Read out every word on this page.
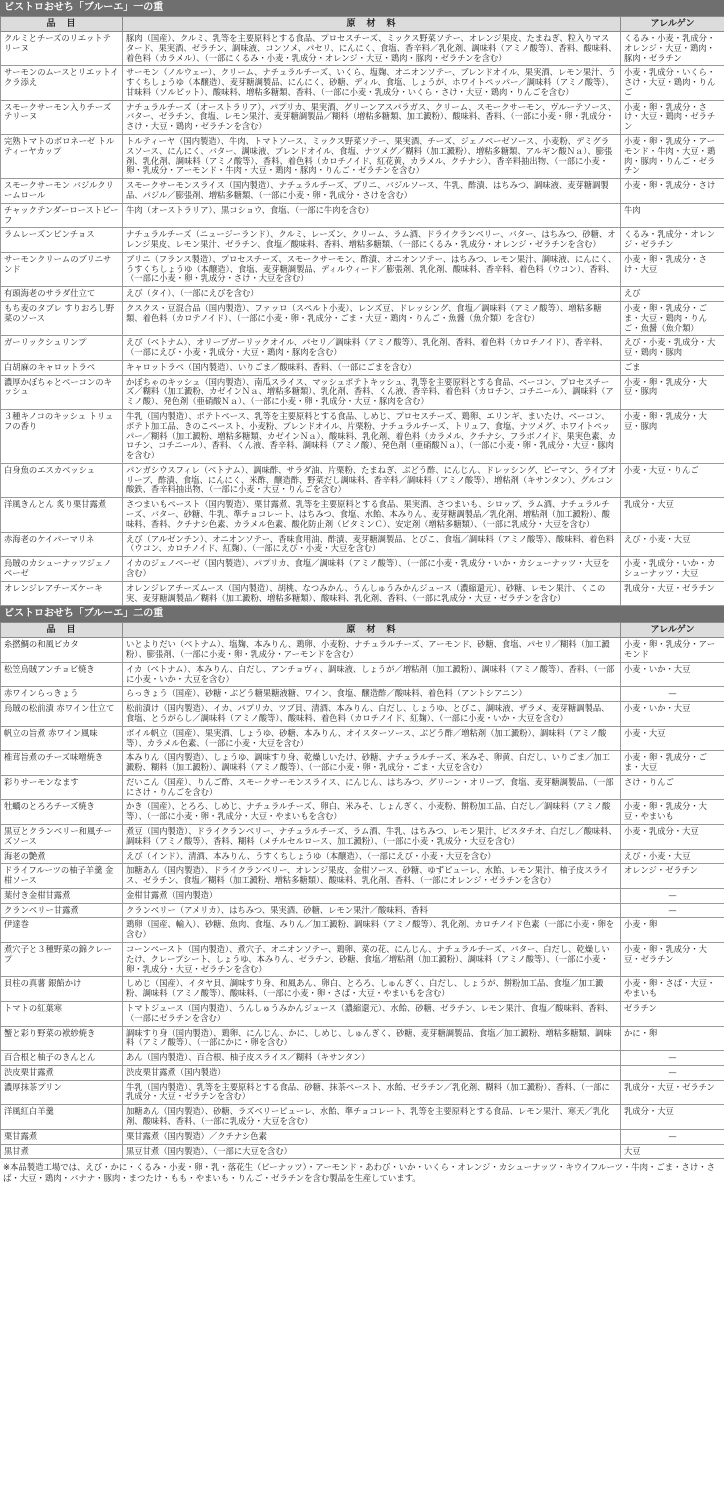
ビストロおせち「ブルーエ」一の重
品　目	原　材　料	アレルゲン
クルミとチーズのリエットテリーヌ	豚肉（国産）、クルミ、乳等を主要原料とする食品、プロセスチーズ、ミックス野菜ソテー、オレンジ果皮、たまねぎ、粒入りマスタード、果実酒、ゼラチン、調味液、コンソメ、パセリ、にんにく、食塩、香辛料／乳化剤、調味料（アミノ酸等）、香料、酸味料、着色料（カラメル）、（一部にくるみ・小麦・乳成分・オレンジ・大豆・鶏肉・豚肉・ゼラチンを含む）	くるみ・小麦・乳成分・オレンジ・大豆・鶏肉・豚肉・ゼラチン
サーモンのムースとリエットイクラ添え	サーモン（ノルウェー）、クリーム、ナチュラルチーズ、いくら、塩麹、オニオンソテー、ブレンドオイル、果実酒、レモン果汁、うすくちしょうゆ（本醸造）、麦芽糖調製品、にんにく、砂糖、ディル、食塩、しょうが、ホワイトペッパー／調味料（アミノ酸等）、甘味料（ソルビット）、酸味料、増粘多糖類、香料、（一部に小麦・乳成分・いくら・さけ・大豆・鶏肉・りんごを含む）	小麦・乳成分・いくら・さけ・大豆・鶏肉・りんご
スモークサーモン入りチーズテリーヌ	ナチュラルチーズ（オーストラリア）、パプリカ、果実酒、グリーンアスパラガス、クリーム、スモークサーモン、ヴルーテソース、バター、ゼラチン、食塩、レモン果汁、麦芽糖調製品／糊料（増粘多糖類、加工澱粉）、酸味料、香料、（一部に小麦・卵・乳成分・さけ・大豆・鶏肉・ゼラチンを含む）	小麦・卵・乳成分・さけ・大豆・鶏肉・ゼラチン
完熟トマトのボロネーゼ トルティーヤカップ	トルティーヤ（国内製造）、牛肉、トマトソース、ミックス野菜ソテー、果実酒、チーズ、ジェノベーゼソース、小麦粉、デミグラスソース、にんにく、バター、調味液、ブレンドオイル、食塩、ナツメグ／糊料（加工澱粉）、増粘多糖類、アルギン酸Ｎａ）、膨張剤、乳化剤、調味料（アミノ酸等）、香料、着色料（カロチノイド、紅花黄、カラメル、クチナシ）、香辛料抽出物、（一部に小麦・卵・乳成分・アーモンド・牛肉・大豆・鶏肉・豚肉・りんご・ゼラチンを含む）	小麦・卵・乳成分・アーモンド・牛肉・大豆・鶏肉・豚肉・りんご・ゼラチン
スモークサーモン バジルクリームロール	スモークサーモンスライス（国内製造）、ナチュラルチーズ、ブリニ、バジルソース、牛乳、酢漬、はちみつ、調味液、麦芽糖調製品、パジル／膨張剤、増粘多糖類、（一部に小麦・卵・乳成分・さけを含む）	小麦・卵・乳成分・さけ
チャックテンダーローストビーフ	牛肉（オーストラリア）、黒コショウ、食塩、（一部に牛肉を含む）	牛肉
ラムレーズンピンチョス	ナチュラルチーズ（ニュージーランド）、クルミ、レーズン、クリーム、ラム酒、ドライクランベリー、バター、はちみつ、砂糖、オレンジ果皮、レモン果汁、ゼラチン、食塩／酸味料、香料、増粘多糖類、（一部にくるみ・乳成分・オレンジ・ゼラチンを含む）	くるみ・乳成分・オレンジ・ゼラチン
サーモンクリームのブリニサンド	ブリニ（フランス製造）、プロセスチーズ、スモークサーモン、酢漬、オニオンソテー、はちみつ、レモン果汁、調味液、にんにく、うすくちしょうゆ（本醸造）、食塩、麦芽糖調製品、ディルウィード／膨張剤、乳化剤、酸味料、香辛料、着色料（ウコン）、香料、（一部に小麦・卵・乳成分・さけ・大豆を含む）	小麦・卵・乳成分・さけ・大豆
有頭海老のサラダ仕立て	えび（タイ）、（一部にえびを含む）	えび
もち麦のタブレ すりおろし野菜のソース	クスクス・豆混合品（国内製造）、ファッロ（スペルト小麦）、レンズ豆、ドレッシング、食塩／調味料（アミノ酸等）、増粘多糖類、着色料（カロテノイド）、（一部に小麦・卵・乳成分・ごま・大豆・鶏肉・りんご・魚醤（魚介類）を含む）	小麦・卵・乳成分・ごま・大豆・鶏肉・りんご・魚醤（魚介類）
ガーリックシュリンプ	えび（ベトナム）、オリーブガーリックオイル、パセリ／調味料（アミノ酸等）、乳化剤、香料、着色料（カロチノイド）、香辛料、（一部にえび・小麦・乳成分・大豆・鶏肉・豚肉を含む）	えび・小麦・乳成分・大豆・鶏肉・豚肉
白胡麻のキャロットラペ	キャロットラペ（国内製造）、いりごま／酸味料、香料、（一部にごまを含む）	ごま
濃厚かぼちゃとベーコンのキッシュ	かぼちゃのキッシュ（国内製造）、南瓜スライス、マッシュポテトキッシュ、乳等を主要原料とする食品、ベーコン、プロセスチーズ／糊料（加工澱粉、カゼインＮａ、増粘多糖類）、乳化剤、香料、くん液、香辛料、着色料（カロチン、コチニール）、調味料（アミノ酸）、発色剤（亜硝酸Ｎａ）、（一部に小麦・卵・乳成分・大豆・豚肉を含む）	小麦・卵・乳成分・大豆・豚肉
３種キノコのキッシュ トリュフの香り	牛乳（国内製造）、ポテトベース、乳等を主要原料とする食品、しめじ、プロセスチーズ、鶏卵、エリンギ、まいたけ、ベーコン、ポテト加工品、きのこペースト、小麦粉、ブレンドオイル、片栗粉、ナチュラルチーズ、トリュフ、食塩、ナツメグ、ホワイトペッパー／糊料（加工澱粉、増粘多糖類、カゼインＮａ）、酸味料、乳化剤、着色料（カラメル、クチナシ、フラボノイド、果実色素、カロチン、コチニール）、香料、くん液、香辛料、調味料（アミノ酸）、発色剤（亜硝酸Ｎａ）、（一部に小麦・卵・乳成分・大豆・豚肉を含む）	小麦・卵・乳成分・大豆・豚肉
白身魚のエスカベッシュ	パンガシウスフィレ（ベトナム）、調味酢、サラダ油、片栗粉、たまねぎ、ぶどう酢、にんじん、ドレッシング、ピーマン、ライブオリーブ、酢漬、食塩、にんにく、米酢、醸造酢、野菜だし調味料、香辛料／調味料（アミノ酸等）、増粘剤（キサンタン）、グルコン酸鉄、香辛料抽出物、（一部に小麦・大豆・りんごを含む）	小麦・大豆・りんご
洋風きんとん 炙り栗甘露煮	さつまいもペースト（国内製造）、栗甘露煮、乳等を主要原料とする食品、果実酒、さつまいも、シロップ、ラム酒、ナチュラルチーズ、バター、砂糖、牛乳、準チョコレート、はちみつ、食塩、水飴、本みりん、麦芽糖調製品／乳化剤、増粘剤（加工澱粉）、酸味料、香料、クチナシ色素、カラメル色素、酸化防止剤（ビタミンＣ）、安定剤（増粘多糖類）、（一部に乳成分・大豆を含む）	乳成分・大豆
赤海老のケイパーマリネ	えび（アルゼンチン）、オニオンソテー、香味食用油、酢漬、麦芽糖調製品、とびこ、食塩／調味料（アミノ酸等）、酸味料、着色料（ウコン、カロチノイド、紅麹）、（一部にえび・小麦・大豆を含む）	えび・小麦・大豆
烏賊のカシューナッツジェノベーゼ	イカのジェノベーゼ（国内製造）、パプリカ、食塩／調味料（アミノ酸等）、（一部に小麦・乳成分・いか・カシューナッツ・大豆を含む）	小麦・乳成分・いか・カシューナッツ・大豆
オレンジレアチーズケーキ	オレンジレアチーズムース（国内製造）、胡桃、なつみかん、うんしゅうみかんジュース（濃縮還元）、砂糖、レモン果汁、くこの実、麦芽糖調製品／糊料（加工澱粉、増粘多糖類）、酸味料、乳化剤、香料、（一部に乳成分・大豆・ゼラチンを含む）	乳成分・大豆・ゼラチン
ビストロおせち「ブルーエ」二の重
品　目	原　材　料	アレルゲン
糸撚鯛の和風ピカタ	いとよりだい（ベトナム）、塩麹、本みりん、鶏卵、小麦粉、ナチュラルチーズ、アーモンド、砂糖、食塩、パセリ／糊料（加工澱粉）、膨張剤、（一部に小麦・卵・乳成分・アーモンドを含む）	小麦・卵・乳成分・アーモンド
松笠烏賊アンチョビ焼き	イカ（ベトナム）、本みりん、白だし、アンチョヴィ、調味液、しょうが／増粘剤（加工澱粉）、調味料（アミノ酸等）、香料、（一部に小麦・いか・大豆を含む）	小麦・いか・大豆
赤ワインらっきょう	らっきょう（国産）、砂糖・ぶどう糖果糖液糖、ワイン、食塩、醸造酢／酸味料、着色料（アントシアニン）	—
烏賊の松前漬 赤ワイン仕立て	松前漬け（国内製造）、イカ、パプリカ、ツブ貝、清酒、本みりん、白だし、しょうゆ、とびこ、調味液、ザラメ、麦芽糖調製品、食塩、とうがらし／調味料（アミノ酸等）、酸味料、着色料（カロチノイド、紅麹）、（一部に小麦・いか・大豆を含む）	小麦・いか・大豆
帆立の旨煮 赤ワイン風味	ボイル帆立（国産）、果実酒、しょうゆ、砂糖、本みりん、オイスターソース、ぶどう酢／増粘剤（加工澱粉）、調味料（アミノ酸等）、カラメル色素、（一部に小麦・大豆を含む）	小麦・大豆
椎茸旨煮のチーズ味噌焼き	本みりん（国内製造）、しょうゆ、調味すり身、乾燥しいたけ、砂糖、ナチュラルチーズ、米みそ、卵黄、白だし、いりごま／加工澱粉、糊料（加工澱粉）、調味料（アミノ酸等）、（一部に小麦・卵・乳成分・ごま・大豆を含む）	小麦・卵・乳成分・ごま・大豆
彩りサーモンなます	だいこん（国産）、りんご酢、スモークサーモンスライス、にんじん、はちみつ、グリーン・オリーブ、食塩、麦芽糖調製品、（一部にさけ・りんごを含む）	さけ・りんご
牡蠣のとろろチーズ焼き	かき（国産）、とろろ、しめじ、ナチュラルチーズ、卵白、米みそ、しょんぎく、小麦粉、餅粉加工品、白だし／調味料（アミノ酸等）、（一部に小麦・卵・乳成分・大豆・やまいもを含む）	小麦・卵・乳成分・大豆・やまいも
黒豆とクランベリー和風チーズソース	煮豆（国内製造）、ドライクランベリー、ナチュラルチーズ、ラム酒、牛乳、はちみつ、レモン果汁、ピスタチオ、白だし／酸味料、調味料（アミノ酸等）、香料、糊料（メチルセルロース、加工澱粉）、（一部に小麦・乳成分・大豆を含む）	小麦・乳成分・大豆
海老の艶煮	えび（インド）、清酒、本みりん、うすくちしょうゆ（本醸造）、（一部にえび・小麦・大豆を含む）	えび・小麦・大豆
ドライフルーツの柚子羊羹 金柑ソース	加糖あん（国内製造）、ドライクランベリー、オレンジ果皮、金柑ソース、砂糖、ゆずピューレ、水飴、レモン果汁、柚子皮スライス、ゼラチン、食塩／糊料（加工澱粉、増粘多糖類）、酸味料、乳化剤、香料、（一部にオレンジ・ゼラチンを含む）	オレンジ・ゼラチン
葉付き金柑甘露煮	金柑甘露煮（国内製造）	—
クランベリー甘露煮	クランベリー（アメリカ）、はちみつ、果実酒、砂糖、レモン果汁／酸味料、香料	—
伊達巻	鶏卵（国産、輸入）、砂糖、魚肉、食塩、みりん／加工澱粉、調味料（アミノ酸等）、乳化剤、カロチノイド色素（一部に小麦・卵を含む）	小麦・卵
煮穴子と３種野菜の錦クレープ	コーンペースト（国内製造）、煮穴子、オニオンソテー、鶏卵、菜の花、にんじん、ナチュラルチーズ、バター、白だし、乾燥しいたけ、クレープシート、しょうゆ、本みりん、ゼラチン、砂糖、食塩／増粘剤（加工澱粉）、調味料（アミノ酸等）、（一部に小麦・卵・乳成分・大豆・ゼラチンを含む）	小麦・卵・乳成分・大豆・ゼラチン
貝柱の真薯 銀餡かけ	しめじ（国産）、イタヤ貝、調味すり身、和風あん、卵白、とろろ、しゅんぎく、白だし、しょうが、餅粉加工品、食塩／加工澱粉、調味料（アミノ酸等）、酸味料、（一部に小麦・卵・さば・大豆・やまいもを含む）	小麦・卵・さば・大豆・やまいも
トマトの紅葉寒	トマトジュース（国内製造）、うんしゅうみかんジュース（濃縮還元）、水飴、砂糖、ゼラチン、レモン果汁、食塩／酸味料、香料、（一部にゼラチンを含む）	ゼラチン
蟹と彩り野菜の袱紗焼き	調味すり身（国内製造）、鶏卵、にんじん、かに、しめじ、しゅんぎく、砂糖、麦芽糖調製品、食塩／加工澱粉、増粘多糖類、調味料（アミノ酸等）、（一部にかに・卵を含む）	かに・卵
百合根と柚子のきんとん	あん（国内製造）、百合根、柚子皮スライス／糊料（キサンタン）	—
渋皮栗甘露煮	渋皮栗甘露煮（国内製造）	—
濃厚抹茶プリン	牛乳（国内製造）、乳等を主要原料とする食品、砂糖、抹茶ペースト、水飴、ゼラチン／乳化剤、糊料（加工澱粉）、香料、（一部に乳成分・大豆・ゼラチンを含む）	乳成分・大豆・ゼラチン
洋風紅白羊羹	加糖あん（国内製造）、砂糖、ラズベリーピューレ、水飴、準チョコレート、乳等を主要原料とする食品、レモン果汁、寒天／乳化剤、酸味料、香料、（一部に乳成分・大豆を含む）	乳成分・大豆
栗甘露煮	栗甘露煮（国内製造）／クチナシ色素	—
黒甘煮	黒豆甘煮（国内製造）、（一部に大豆を含む）	大豆
※本品製造工場では、えび・かに・くるみ・小麦・卵・乳・落花生（ピーナッツ）・アーモンド・あわび・いか・いくら・オレンジ・カシューナッツ・キウイフルーツ・牛肉・ごま・さけ・さば・大豆・鶏肉・バナナ・豚肉・まつたけ・もも・やまいも・りんご・ゼラチンを含む製品を生産しています。
